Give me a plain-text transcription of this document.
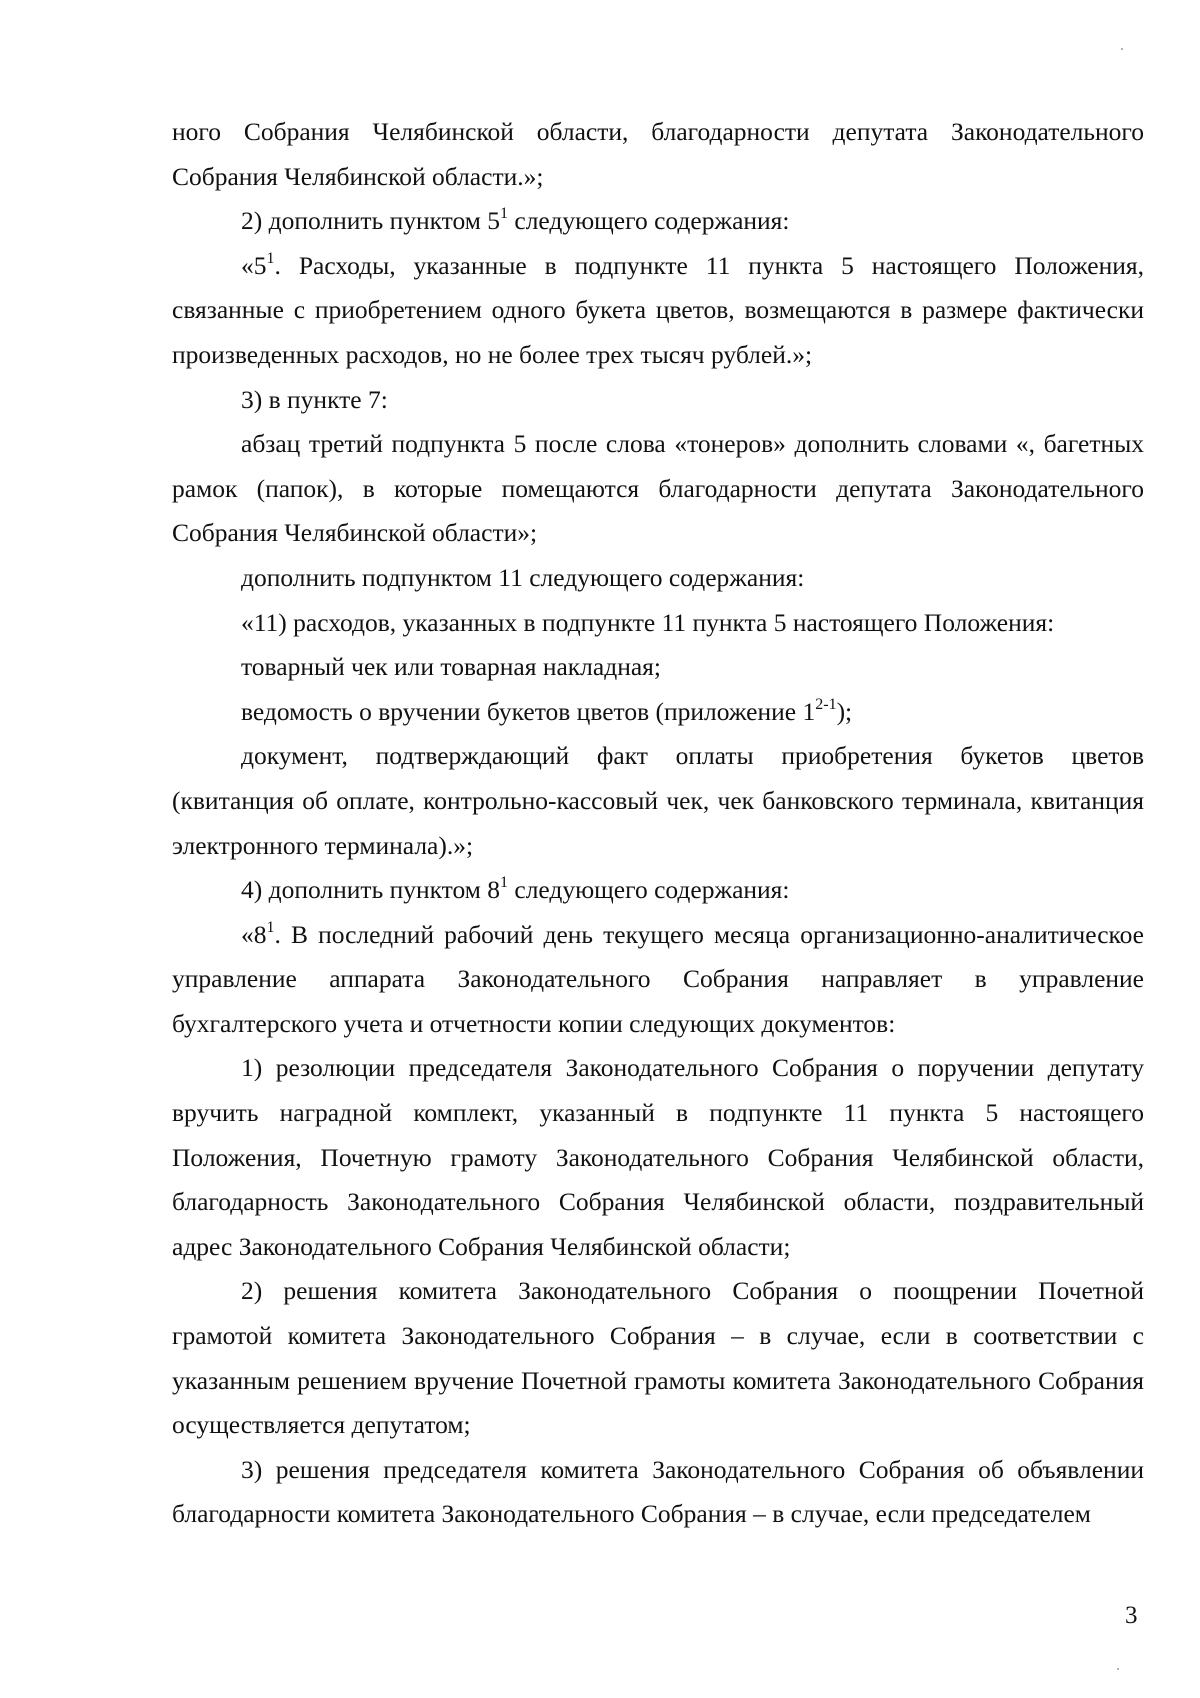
ного Собрания Челябинской области, благодарности депутата Законодательного Собрания Челябинской области.»;

2) дополнить пунктом $5^1$ следующего содержания:

«$5^1$. Расходы, указанные в подпункте 11 пункта 5 настоящего Положения, связанные с приобретением одного букета цветов, возмещаются в размере фактически произведенных расходов, но не более трех тысяч рублей.»;

3) в пункте 7:

абзац третий подпункта 5 после слова «тонеров» дополнить словами «, багетных рамок (папок), в которые помещаются благодарности депутата Законодательного Собрания Челябинской области»;

дополнить подпунктом 11 следующего содержания:

«11) расходов, указанных в подпункте 11 пункта 5 настоящего Положения:

товарный чек или товарная накладная;

ведомость о вручении букетов цветов (приложение 1$^{2-1}$);

документ, подтверждающий факт оплаты приобретения букетов цветов (квитанция об оплате, контрольно-кассовый чек, чек банковского терминала, квитанция электронного терминала).»;

4) дополнить пунктом $8^1$ следующего содержания:

«$8^1$. В последний рабочий день текущего месяца организационно-аналитическое управление аппарата Законодательного Собрания направляет в управление бухгалтерского учета и отчетности копии следующих документов:

1) резолюции председателя Законодательного Собрания о поручении депутату вручить наградной комплект, указанный в подпункте 11 пункта 5 настоящего Положения, Почетную грамоту Законодательного Собрания Челябинской области, благодарность Законодательного Собрания Челябинской области, поздравительный адрес Законодательного Собрания Челябинской области;

2) решения комитета Законодательного Собрания о поощрении Почетной грамотой комитета Законодательного Собрания – в случае, если в соответствии с указанным решением вручение Почетной грамоты комитета Законодательного Собрания осуществляется депутатом;

3) решения председателя комитета Законодательного Собрания об объявлении благодарности комитета Законодательного Собрания – в случае, если председателем

3
